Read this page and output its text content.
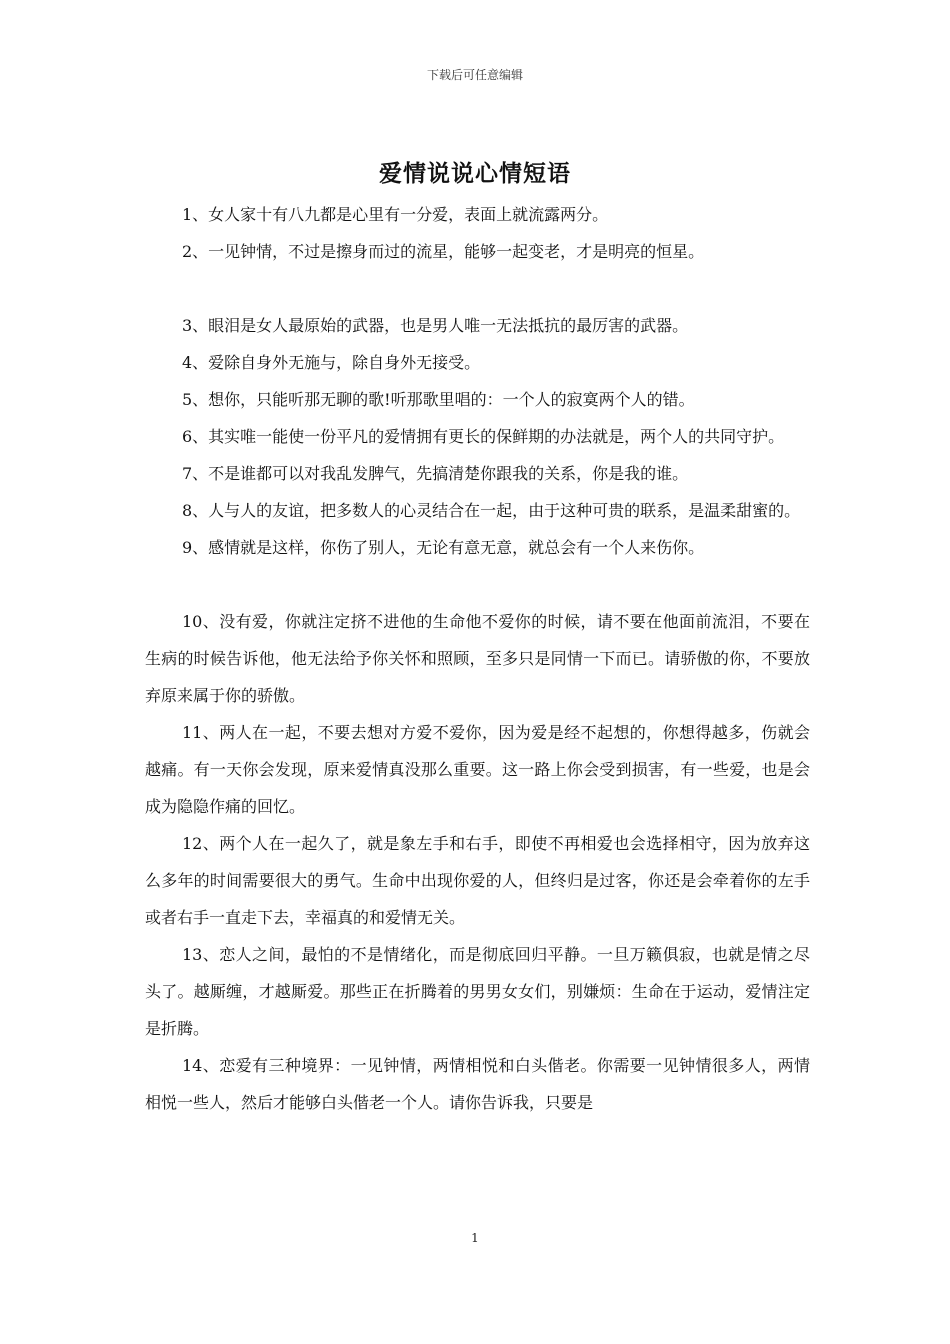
下载后可任意编辑
爱情说说心情短语

1、女人家十有八九都是心里有一分爱，表面上就流露两分。

2、一见钟情，不过是擦身而过的流星，能够一起变老，才是明亮的恒星。

3、眼泪是女人最原始的武器，也是男人唯一无法抵抗的最厉害的武器。

4、爱除自身外无施与，除自身外无接受。

5、想你，只能听那无聊的歌!听那歌里唱的：一个人的寂寞两个人的错。

6、其实唯一能使一份平凡的爱情拥有更长的保鲜期的办法就是，两个人的共同守护。

7、不是谁都可以对我乱发脾气，先搞清楚你跟我的关系，你是我的谁。

8、人与人的友谊，把多数人的心灵结合在一起，由于这种可贵的联系，是温柔甜蜜的。

9、感情就是这样，你伤了别人，无论有意无意，就总会有一个人来伤你。

10、没有爱，你就注定挤不进他的生命他不爱你的时候，请不要在他面前流泪，不要在生病的时候告诉他，他无法给予你关怀和照顾，至多只是同情一下而已。请骄傲的你，不要放弃原来属于你的骄傲。

11、两人在一起，不要去想对方爱不爱你，因为爱是经不起想的，你想得越多，伤就会越痛。有一天你会发现，原来爱情真没那么重要。这一路上你会受到损害，有一些爱，也是会成为隐隐作痛的回忆。

12、两个人在一起久了，就是象左手和右手，即使不再相爱也会选择相守，因为放弃这么多年的时间需要很大的勇气。生命中出现你爱的人，但终归是过客，你还是会牵着你的左手或者右手一直走下去，幸福真的和爱情无关。

13、恋人之间，最怕的不是情绪化，而是彻底回归平静。一旦万籁俱寂，也就是情之尽头了。越厮缠，才越厮爱。那些正在折腾着的男男女女们，别嫌烦：生命在于运动，爱情注定是折腾。

14、恋爱有三种境界：一见钟情，两情相悦和白头偕老。你需要一见钟情很多人，两情相悦一些人，然后才能够白头偕老一个人。请你告诉我，只要是

1
